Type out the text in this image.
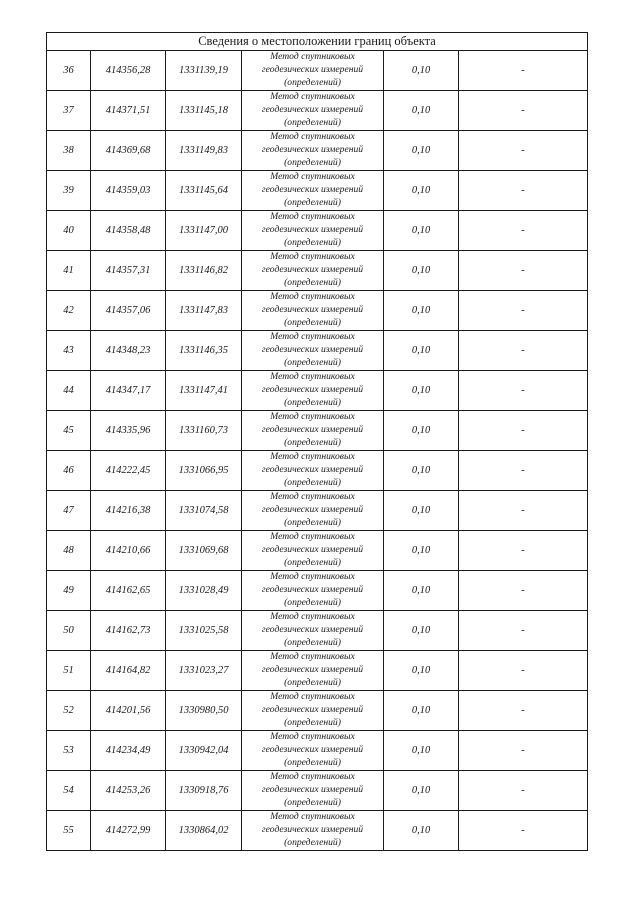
Сведения о местоположении границ объекта					
36	414356,28	1331139,19	Метод спутниковых
геодезических измерений
(определений)	0,10	-
37	414371,51	1331145,18	Метод спутниковых
геодезических измерений
(определений)	0,10	-
38	414369,68	1331149,83	Метод спутниковых
геодезических измерений
(определений)	0,10	-
39	414359,03	1331145,64	Метод спутниковых
геодезических измерений
(определений)	0,10	-
40	414358,48	1331147,00	Метод спутниковых
геодезических измерений
(определений)	0,10	-
41	414357,31	1331146,82	Метод спутниковых
геодезических измерений
(определений)	0,10	-
42	414357,06	1331147,83	Метод спутниковых
геодезических измерений
(определений)	0,10	-
43	414348,23	1331146,35	Метод спутниковых
геодезических измерений
(определений)	0,10	-
44	414347,17	1331147,41	Метод спутниковых
геодезических измерений
(определений)	0,10	-
45	414335,96	1331160,73	Метод спутниковых
геодезических измерений
(определений)	0,10	-
46	414222,45	1331066,95	Метод спутниковых
геодезических измерений
(определений)	0,10	-
47	414216,38	1331074,58	Метод спутниковых
геодезических измерений
(определений)	0,10	-
48	414210,66	1331069,68	Метод спутниковых
геодезических измерений
(определений)	0,10	-
49	414162,65	1331028,49	Метод спутниковых
геодезических измерений
(определений)	0,10	-
50	414162,73	1331025,58	Метод спутниковых
геодезических измерений
(определений)	0,10	-
51	414164,82	1331023,27	Метод спутниковых
геодезических измерений
(определений)	0,10	-
52	414201,56	1330980,50	Метод спутниковых
геодезических измерений
(определений)	0,10	-
53	414234,49	1330942,04	Метод спутниковых
геодезических измерений
(определений)	0,10	-
54	414253,26	1330918,76	Метод спутниковых
геодезических измерений
(определений)	0,10	-
55	414272,99	1330864,02	Метод спутниковых
геодезических измерений
(определений)	0,10	-
